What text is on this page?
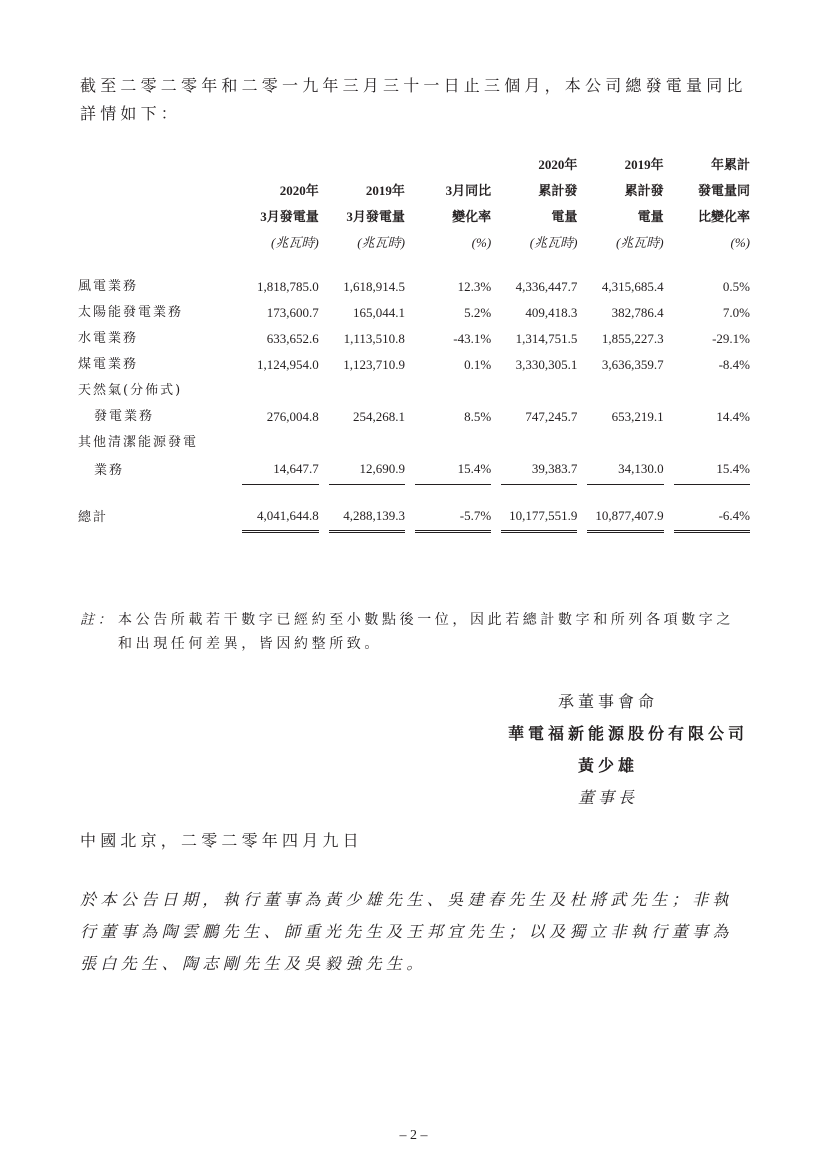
截至二零二零年和二零一九年三月三十一日止三個月，本公司總發電量同比詳情如下：

							2020年		2019年		年累計
	2020年		2019年		3月同比		累計發		累計發		發電量同
	3月發電量		3月發電量		變化率		電量		電量		比變化率
	(兆瓦時)		(兆瓦時)		(%)		(兆瓦時)		(兆瓦時)		(%)

風電業務	1,818,785.0		1,618,914.5		12.3%		4,336,447.7		4,315,685.4		0.5%
太陽能發電業務	173,600.7		165,044.1		5.2%		409,418.3		382,786.4		7.0%
水電業務	633,652.6		1,113,510.8		-43.1%		1,314,751.5		1,855,227.3		-29.1%
煤電業務	1,124,954.0		1,123,710.9		0.1%		3,330,305.1		3,636,359.7		-8.4%
天然氣(分佈式)											
發電業務	276,004.8		254,268.1		8.5%		747,245.7		653,219.1		14.4%
其他清潔能源發電											
業務	14,647.7		12,690.9		15.4%		39,383.7		34,130.0		15.4%

總計	4,041,644.8		4,288,139.3		-5.7%		10,177,551.9		10,877,407.9		-6.4%
註： 本公告所載若干數字已經約至小數點後一位，因此若總計數字和所列各項數字之和出現任何差異，皆因約整所致。
承董事會命
華電福新能源股份有限公司
黃少雄
董事長
中國北京，二零二零年四月九日

於本公告日期，執行董事為黃少雄先生、吳建春先生及杜將武先生；非執行董事為陶雲鵬先生、師重光先生及王邦宜先生；以及獨立非執行董事為張白先生、陶志剛先生及吳毅強先生。

– 2 –
